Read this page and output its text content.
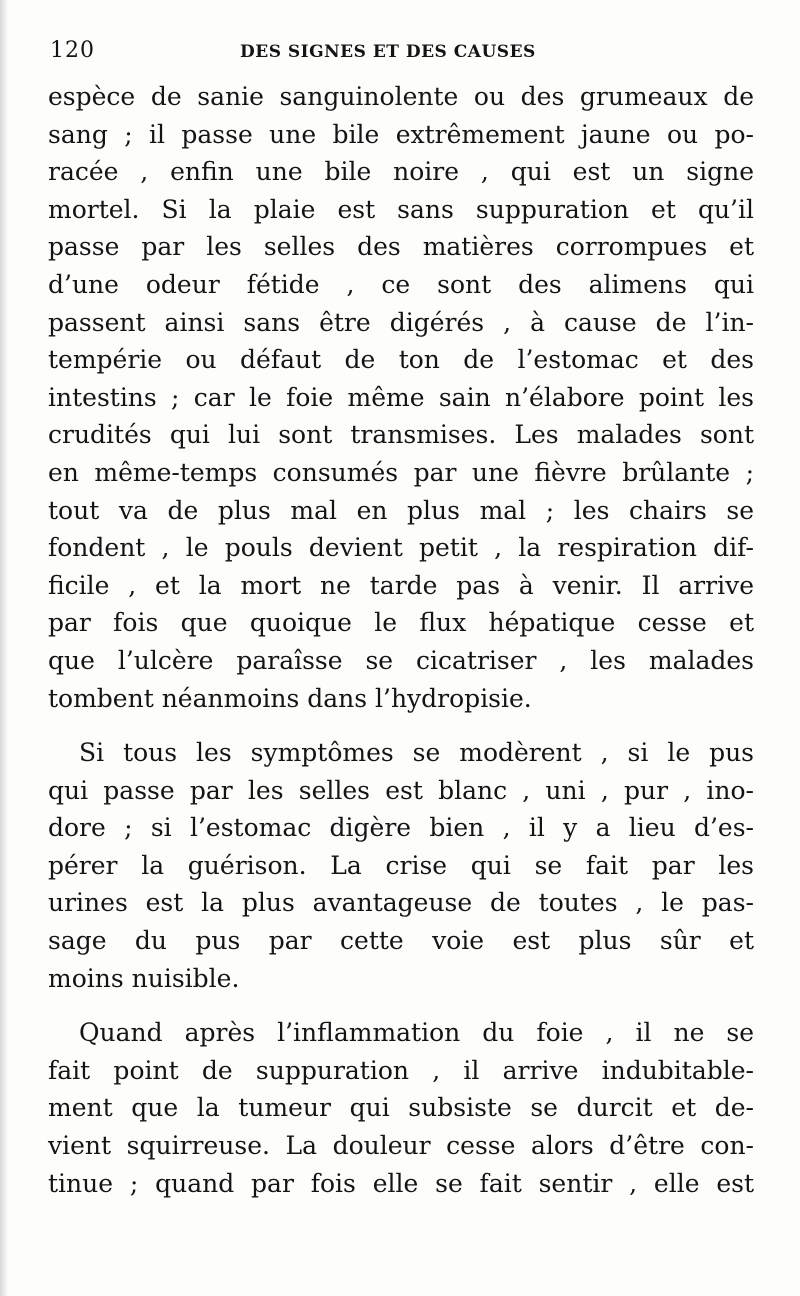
120	DES SIGNES ET DES CAUSES

espèce de sanie sanguinolente ou des grumeaux de
sang ; il passe une bile extrêmement jaune ou po-
racée , enfin une bile noire , qui est un signe
mortel. Si la plaie est sans suppuration et qu’il
passe par les selles des matières corrompues et
d’une odeur fétide , ce sont des alimens qui
passent ainsi sans être digérés , à cause de l’in-
tempérie ou défaut de ton de l’estomac et des
intestins ; car le foie même sain n’élabore point les
crudités qui lui sont transmises. Les malades sont
en même-temps consumés par une fièvre brûlante ;
tout va de plus mal en plus mal ; les chairs se
fondent , le pouls devient petit , la respiration dif-
ficile , et la mort ne tarde pas à venir. Il arrive
par fois que quoique le flux hépatique cesse et
que l’ulcère paraîsse se cicatriser , les malades
tombent néanmoins dans l’hydropisie.

Si tous les symptômes se modèrent , si le pus
qui passe par les selles est blanc , uni , pur , ino-
dore ; si l’estomac digère bien , il y a lieu d’es-
pérer la guérison. La crise qui se fait par les
urines est la plus avantageuse de toutes , le pas-
sage du pus par cette voie est plus sûr et
moins nuisible.

Quand après l’inflammation du foie , il ne se
fait point de suppuration , il arrive indubitable-
ment que la tumeur qui subsiste se durcit et de-
vient squirreuse. La douleur cesse alors d’être con-
tinue ; quand par fois elle se fait sentir , elle est
